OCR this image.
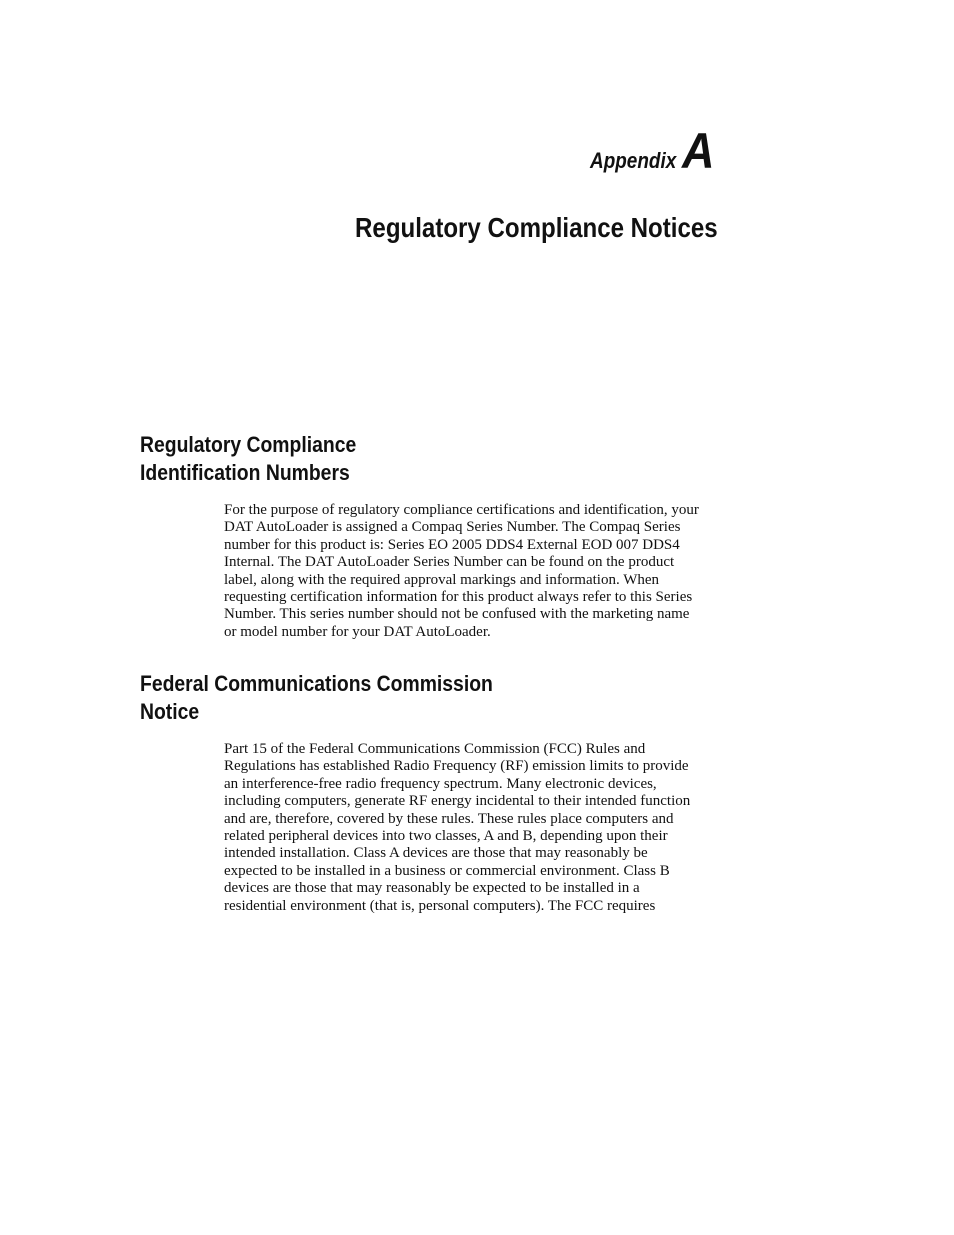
Appendix A
Regulatory Compliance Notices
Regulatory Compliance
Identification Numbers

For the purpose of regulatory compliance certifications and identification, your
DAT AutoLoader is assigned a Compaq Series Number. The Compaq Series
number for this product is: Series EO 2005 DDS4 External EOD 007 DDS4
Internal. The DAT AutoLoader Series Number can be found on the product
label, along with the required approval markings and information. When
requesting certification information for this product always refer to this Series
Number. This series number should not be confused with the marketing name
or model number for your DAT AutoLoader.

Federal Communications Commission
Notice

Part 15 of the Federal Communications Commission (FCC) Rules and
Regulations has established Radio Frequency (RF) emission limits to provide
an interference-free radio frequency spectrum. Many electronic devices,
including computers, generate RF energy incidental to their intended function
and are, therefore, covered by these rules. These rules place computers and
related peripheral devices into two classes, A and B, depending upon their
intended installation. Class A devices are those that may reasonably be
expected to be installed in a business or commercial environment. Class B
devices are those that may reasonably be expected to be installed in a
residential environment (that is, personal computers). The FCC requires
